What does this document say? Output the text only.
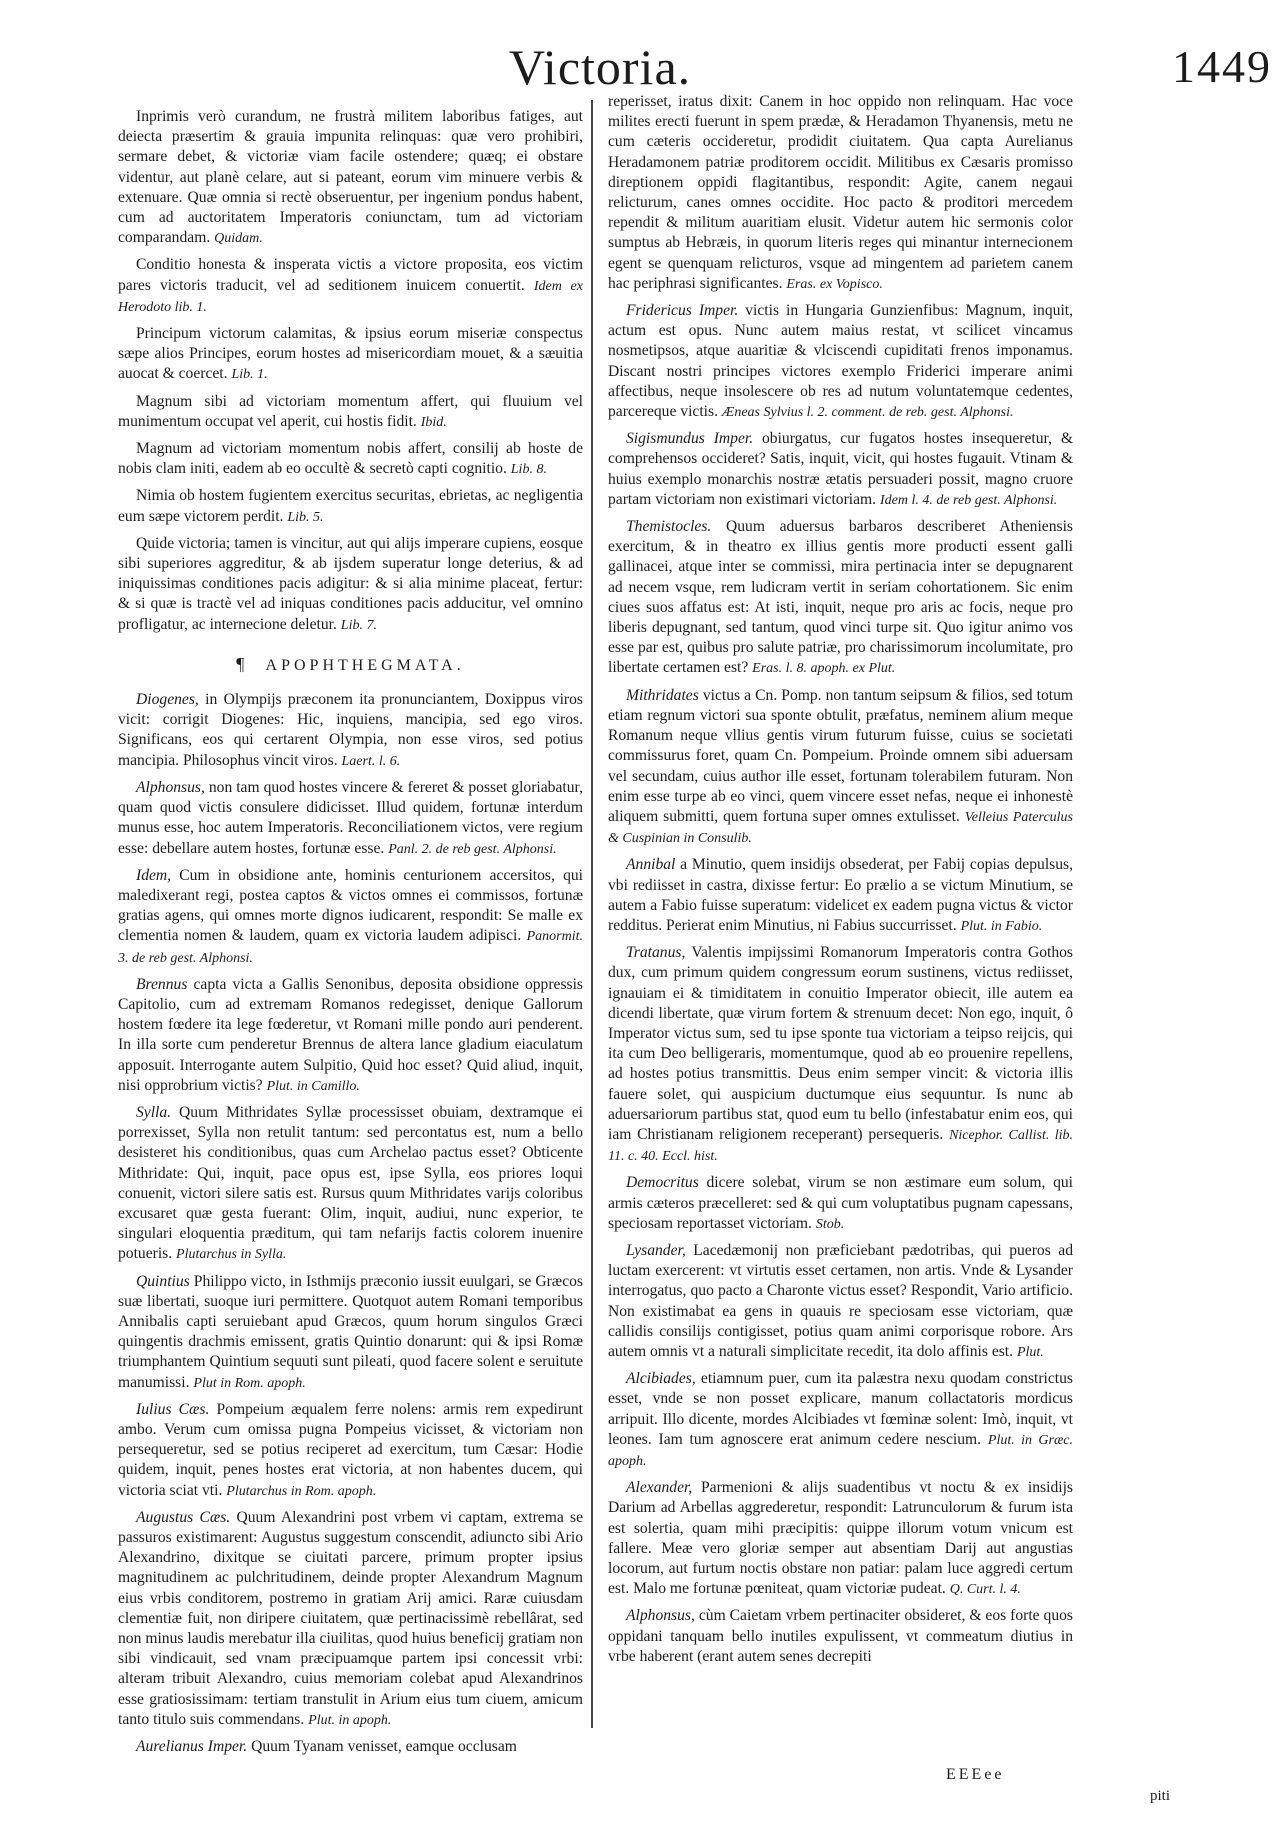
Victoria.	1449

Inprimis verò curandum, ne frustrà militem laboribus fatiges, aut deiecta præsertim & grauia impunita relinquas: quæ vero prohibiri, sermare debet, & victoriæ viam facile ostendere; quæq; ei obstare videntur, aut planè celare, aut si pateant, eorum vim minuere verbis & extenuare. Quæ omnia si rectè obseruentur, per ingenium pondus habent, cum ad auctoritatem Imperatoris coniunctam, tum ad victoriam comparandam. Quidam.

Conditio honesta & insperata victis a victore proposita, eos victim pares victoris traducit, vel ad seditionem inuicem conuertit. Idem ex Herodoto lib. 1.

Principum victorum calamitas, & ipsius eorum miseriæ conspectus sæpe alios Principes, eorum hostes ad misericordiam mouet, & a sæuitia auocat & coercet. Lib. 1.

Magnum sibi ad victoriam momentum affert, qui fluuium vel munimentum occupat vel aperit, cui hostis fidit. Ibid.

Magnum ad victoriam momentum nobis affert, consilij ab hoste de nobis clam initi, eadem ab eo occultè & secretò capti cognitio. Lib. 8.

Nimia ob hostem fugientem exercitus securitas, ebrietas, ac negligentia eum sæpe victorem perdit. Lib. 5.

Quide victoria; tamen is vincitur, aut qui alijs imperare cupiens, eosque sibi superiores aggreditur, & ab ijsdem superatur longe deterius, & ad iniquissimas conditiones pacis adigitur: & si alia minime placeat, fertur: & si quæ is tractè vel ad iniquas conditiones pacis adducitur, vel omnino profligatur, ac internecione deletur. Lib. 7.

¶ APOPHTHEGMATA.

Diogenes, in Olympijs præconem ita pronunciantem, Doxippus viros vicit: corrigit Diogenes: Hic, inquiens, mancipia, sed ego viros. Significans, eos qui certarent Olympia, non esse viros, sed potius mancipia. Philosophus vincit viros. Laert. l. 6.

Alphonsus, non tam quod hostes vincere & fereret & posset gloriabatur, quam quod victis consulere didicisset. Illud quidem, fortunæ interdum munus esse, hoc autem Imperatoris. Reconciliationem victos, vere regium esse: debellare autem hostes, fortunæ esse. Panl. 2. de reb gest. Alphonsi.

Idem, Cum in obsidione ante, hominis centurionem accersitos, qui maledixerant regi, postea captos & victos omnes ei commissos, fortunæ gratias agens, qui omnes morte dignos iudicarent, respondit: Se malle ex clementia nomen & laudem, quam ex victoria laudem adipisci. Panormit. 3. de reb gest. Alphonsi.

Brennus capta victa a Gallis Senonibus, deposita obsidione oppressis Capitolio, cum ad extremam Romanos redegisset, denique Gallorum hostem fœdere ita lege fœderetur, vt Romani mille pondo auri penderent. In illa sorte cum penderetur Brennus de altera lance gladium eiaculatum apposuit. Interrogante autem Sulpitio, Quid hoc esset? Quid aliud, inquit, nisi opprobrium victis? Plut. in Camillo.

Sylla. Quum Mithridates Syllæ processisset obuiam, dextramque ei porrexisset, Sylla non retulit tantum: sed percontatus est, num a bello desisteret his conditionibus, quas cum Archelao pactus esset? Obticente Mithridate: Qui, inquit, pace opus est, ipse Sylla, eos priores loqui conuenit, victori silere satis est. Rursus quum Mithridates varijs coloribus excusaret quæ gesta fuerant: Olim, inquit, audiui, nunc experior, te singulari eloquentia præditum, qui tam nefarijs factis colorem inuenire potueris. Plutarchus in Sylla.

Quintius Philippo victo, in Isthmijs præconio iussit euulgari, se Græcos suæ libertati, suoque iuri permittere. Quotquot autem Romani temporibus Annibalis capti seruiebant apud Græcos, quum horum singulos Græci quingentis drachmis emissent, gratis Quintio donarunt: qui & ipsi Romæ triumphantem Quintium sequuti sunt pileati, quod facere solent e seruitute manumissi. Plut in Rom. apoph.

Iulius Cæs. Pompeium æqualem ferre nolens: armis rem expedirunt ambo. Verum cum omissa pugna Pompeius vicisset, & victoriam non persequeretur, sed se potius reciperet ad exercitum, tum Cæsar: Hodie quidem, inquit, penes hostes erat victoria, at non habentes ducem, qui victoria sciat vti. Plutarchus in Rom. apoph.

Augustus Cæs. Quum Alexandrini post vrbem vi captam, extrema se passuros existimarent: Augustus suggestum conscendit, adiuncto sibi Ario Alexandrino, dixitque se ciuitati parcere, primum propter ipsius magnitudinem ac pulchritudinem, deinde propter Alexandrum Magnum eius vrbis conditorem, postremo in gratiam Arij amici. Raræ cuiusdam clementiæ fuit, non diripere ciuitatem, quæ pertinacissimè rebellârat, sed non minus laudis merebatur illa ciuilitas, quod huius beneficij gratiam non sibi vindicauit, sed vnam præcipuamque partem ipsi concessit vrbi: alteram tribuit Alexandro, cuius memoriam colebat apud Alexandrinos esse gratiosissimam: tertiam transtulit in Arium eius tum ciuem, amicum tanto titulo suis commendans. Plut. in apoph.

Aurelianus Imper. Quum Tyanam venisset, eamque occlusam

reperisset, iratus dixit: Canem in hoc oppido non relinquam. Hac voce milites erecti fuerunt in spem prædæ, & Heradamon Thyanensis, metu ne cum cæteris occideretur, prodidit ciuitatem. Qua capta Aurelianus Heradamonem patriæ proditorem occidit. Militibus ex Cæsaris promisso direptionem oppidi flagitantibus, respondit: Agite, canem negaui relicturum, canes omnes occidite. Hoc pacto & proditori mercedem rependit & militum auaritiam elusit. Videtur autem hic sermonis color sumptus ab Hebræis, in quorum literis reges qui minantur internecionem egent se quenquam relicturos, vsque ad mingentem ad parietem canem hac periphrasi significantes. Eras. ex Vopisco.

Fridericus Imper. victis in Hungaria Gunzienfibus: Magnum, inquit, actum est opus. Nunc autem maius restat, vt scilicet vincamus nosmetipsos, atque auaritiæ & vlciscendi cupiditati frenos imponamus. Discant nostri principes victores exemplo Friderici imperare animi affectibus, neque insolescere ob res ad nutum voluntatemque cedentes, parcereque victis. Æneas Sylvius l. 2. comment. de reb. gest. Alphonsi.

Sigismundus Imper. obiurgatus, cur fugatos hostes insequeretur, & comprehensos occideret? Satis, inquit, vicit, qui hostes fugauit. Vtinam & huius exemplo monarchis nostræ ætatis persuaderi possit, magno cruore partam victoriam non existimari victoriam. Idem l. 4. de reb gest. Alphonsi.

Themistocles. Quum aduersus barbaros describeret Atheniensis exercitum, & in theatro ex illius gentis more producti essent galli gallinacei, atque inter se commissi, mira pertinacia inter se depugnarent ad necem vsque, rem ludicram vertit in seriam cohortationem. Sic enim ciues suos affatus est: At isti, inquit, neque pro aris ac focis, neque pro liberis depugnant, sed tantum, quod vinci turpe sit. Quo igitur animo vos esse par est, quibus pro salute patriæ, pro charissimorum incolumitate, pro libertate certamen est? Eras. l. 8. apoph. ex Plut.

Mithridates victus a Cn. Pomp. non tantum seipsum & filios, sed totum etiam regnum victori sua sponte obtulit, præfatus, neminem alium meque Romanum neque vllius gentis virum futurum fuisse, cuius se societati commissurus foret, quam Cn. Pompeium. Proinde omnem sibi aduersam vel secundam, cuius author ille esset, fortunam tolerabilem futuram. Non enim esse turpe ab eo vinci, quem vincere esset nefas, neque ei inhonestè aliquem submitti, quem fortuna super omnes extulisset. Velleius Paterculus & Cuspinian in Consulib.

Annibal a Minutio, quem insidijs obsederat, per Fabij copias depulsus, vbi rediisset in castra, dixisse fertur: Eo prælio a se victum Minutium, se autem a Fabio fuisse superatum: videlicet ex eadem pugna victus & victor redditus. Perierat enim Minutius, ni Fabius succurrisset. Plut. in Fabio.

Tratanus, Valentis impijssimi Romanorum Imperatoris contra Gothos dux, cum primum quidem congressum eorum sustinens, victus rediisset, ignauiam ei & timiditatem in conuitio Imperator obiecit, ille autem ea dicendi libertate, quæ virum fortem & strenuum decet: Non ego, inquit, ô Imperator victus sum, sed tu ipse sponte tua victoriam a teipso reijcis, qui ita cum Deo belligeraris, momentumque, quod ab eo prouenire repellens, ad hostes potius transmittis. Deus enim semper vincit: & victoria illis fauere solet, qui auspicium ductumque eius sequuntur. Is nunc ab aduersariorum partibus stat, quod eum tu bello (infestabatur enim eos, qui iam Christianam religionem receperant) persequeris. Nicephor. Callist. lib. 11. c. 40. Eccl. hist.

Democritus dicere solebat, virum se non æstimare eum solum, qui armis cæteros præcelleret: sed & qui cum voluptatibus pugnam capessans, speciosam reportasset victoriam. Stob.

Lysander, Lacedæmonij non præficiebant pædotribas, qui pueros ad luctam exercerent: vt virtutis esset certamen, non artis. Vnde & Lysander interrogatus, quo pacto a Charonte victus esset? Respondit, Vario artificio. Non existimabat ea gens in quauis re speciosam esse victoriam, quæ callidis consilijs contigisset, potius quam animi corporisque robore. Ars autem omnis vt a naturali simplicitate recedit, ita dolo affinis est. Plut.

Alcibiades, etiamnum puer, cum ita palæstra nexu quodam constrictus esset, vnde se non posset explicare, manum collactatoris mordicus arripuit. Illo dicente, mordes Alcibiades vt fœminæ solent: Imò, inquit, vt leones. Iam tum agnoscere erat animum cedere nescium. Plut. in Græc. apoph.

Alexander, Parmenioni & alijs suadentibus vt noctu & ex insidijs Darium ad Arbellas aggrederetur, respondit: Latrunculorum & furum ista est solertia, quam mihi præcipitis: quippe illorum votum vnicum est fallere. Meæ vero gloriæ semper aut absentiam Darij aut angustias locorum, aut furtum noctis obstare non patiar: palam luce aggredi certum est. Malo me fortunæ pœniteat, quam victoriæ pudeat. Q. Curt. l. 4.

Alphonsus, cùm Caietam vrbem pertinaciter obsideret, & eos forte quos oppidani tanquam bello inutiles expulissent, vt commeatum diutius in vrbe haberent (erant autem senes decrepiti

EEEee
piti
